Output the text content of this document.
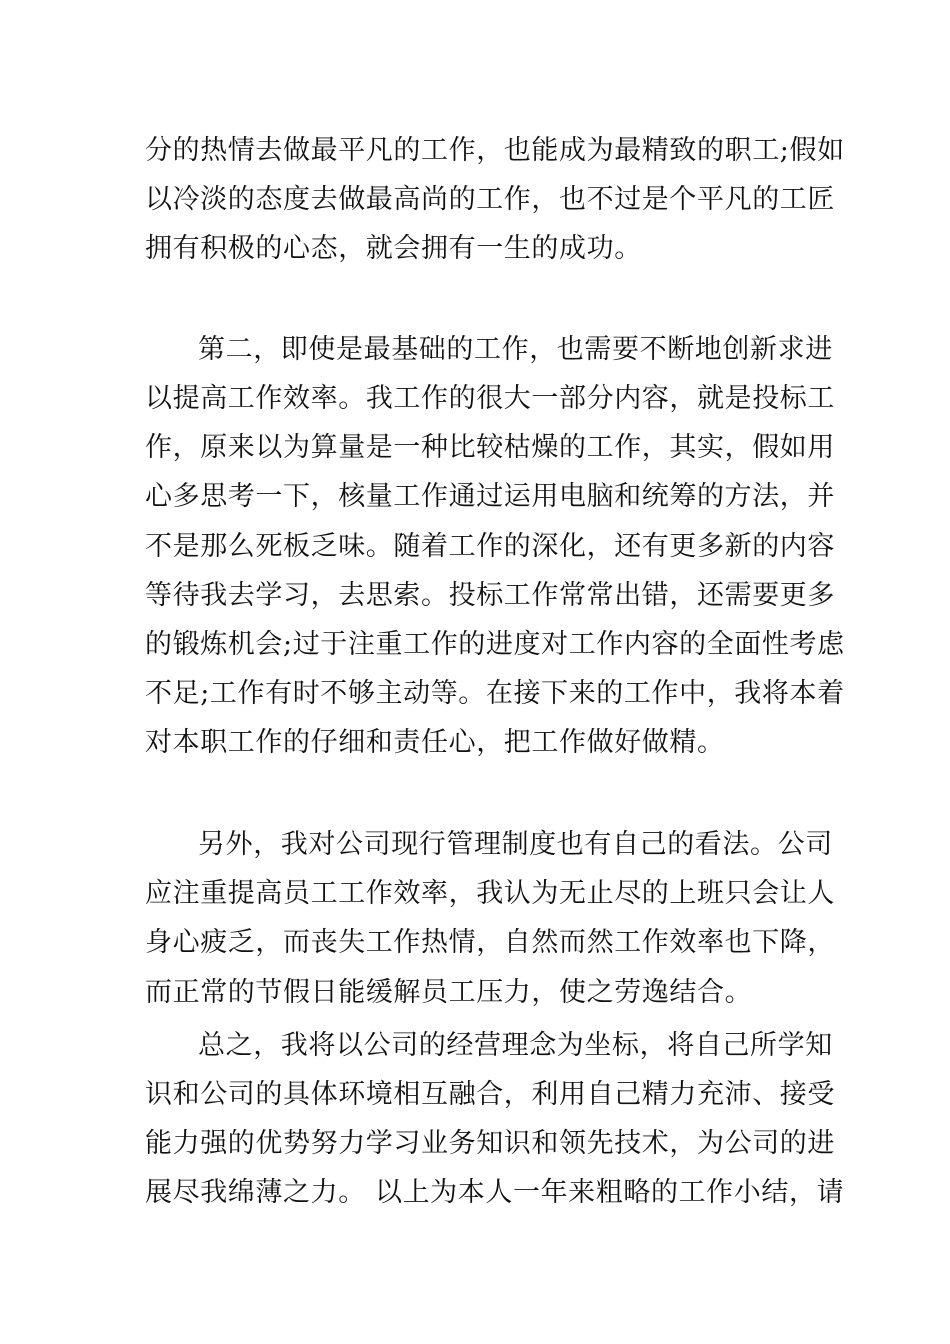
分的热情去做最平凡的工作，也能成为最精致的职工;假如
以冷淡的态度去做最高尚的工作，也不过是个平凡的工匠
拥有积极的心态，就会拥有一生的成功。
第二，即使是最基础的工作，也需要不断地创新求进
以提高工作效率。我工作的很大一部分内容，就是投标工
作，原来以为算量是一种比较枯燥的工作，其实，假如用
心多思考一下，核量工作通过运用电脑和统筹的方法，并
不是那么死板乏味。随着工作的深化，还有更多新的内容
等待我去学习，去思索。投标工作常常出错，还需要更多
的锻炼机会;过于注重工作的进度对工作内容的全面性考虑
不足;工作有时不够主动等。在接下来的工作中，我将本着
对本职工作的仔细和责任心，把工作做好做精。
另外，我对公司现行管理制度也有自己的看法。公司
应注重提高员工工作效率，我认为无止尽的上班只会让人
身心疲乏，而丧失工作热情，自然而然工作效率也下降，
而正常的节假日能缓解员工压力，使之劳逸结合。
总之，我将以公司的经营理念为坐标，将自己所学知
识和公司的具体环境相互融合，利用自己精力充沛、接受
能力强的优势努力学习业务知识和领先技术，为公司的进
展尽我绵薄之力。 以上为本人一年来粗略的工作小结，请
